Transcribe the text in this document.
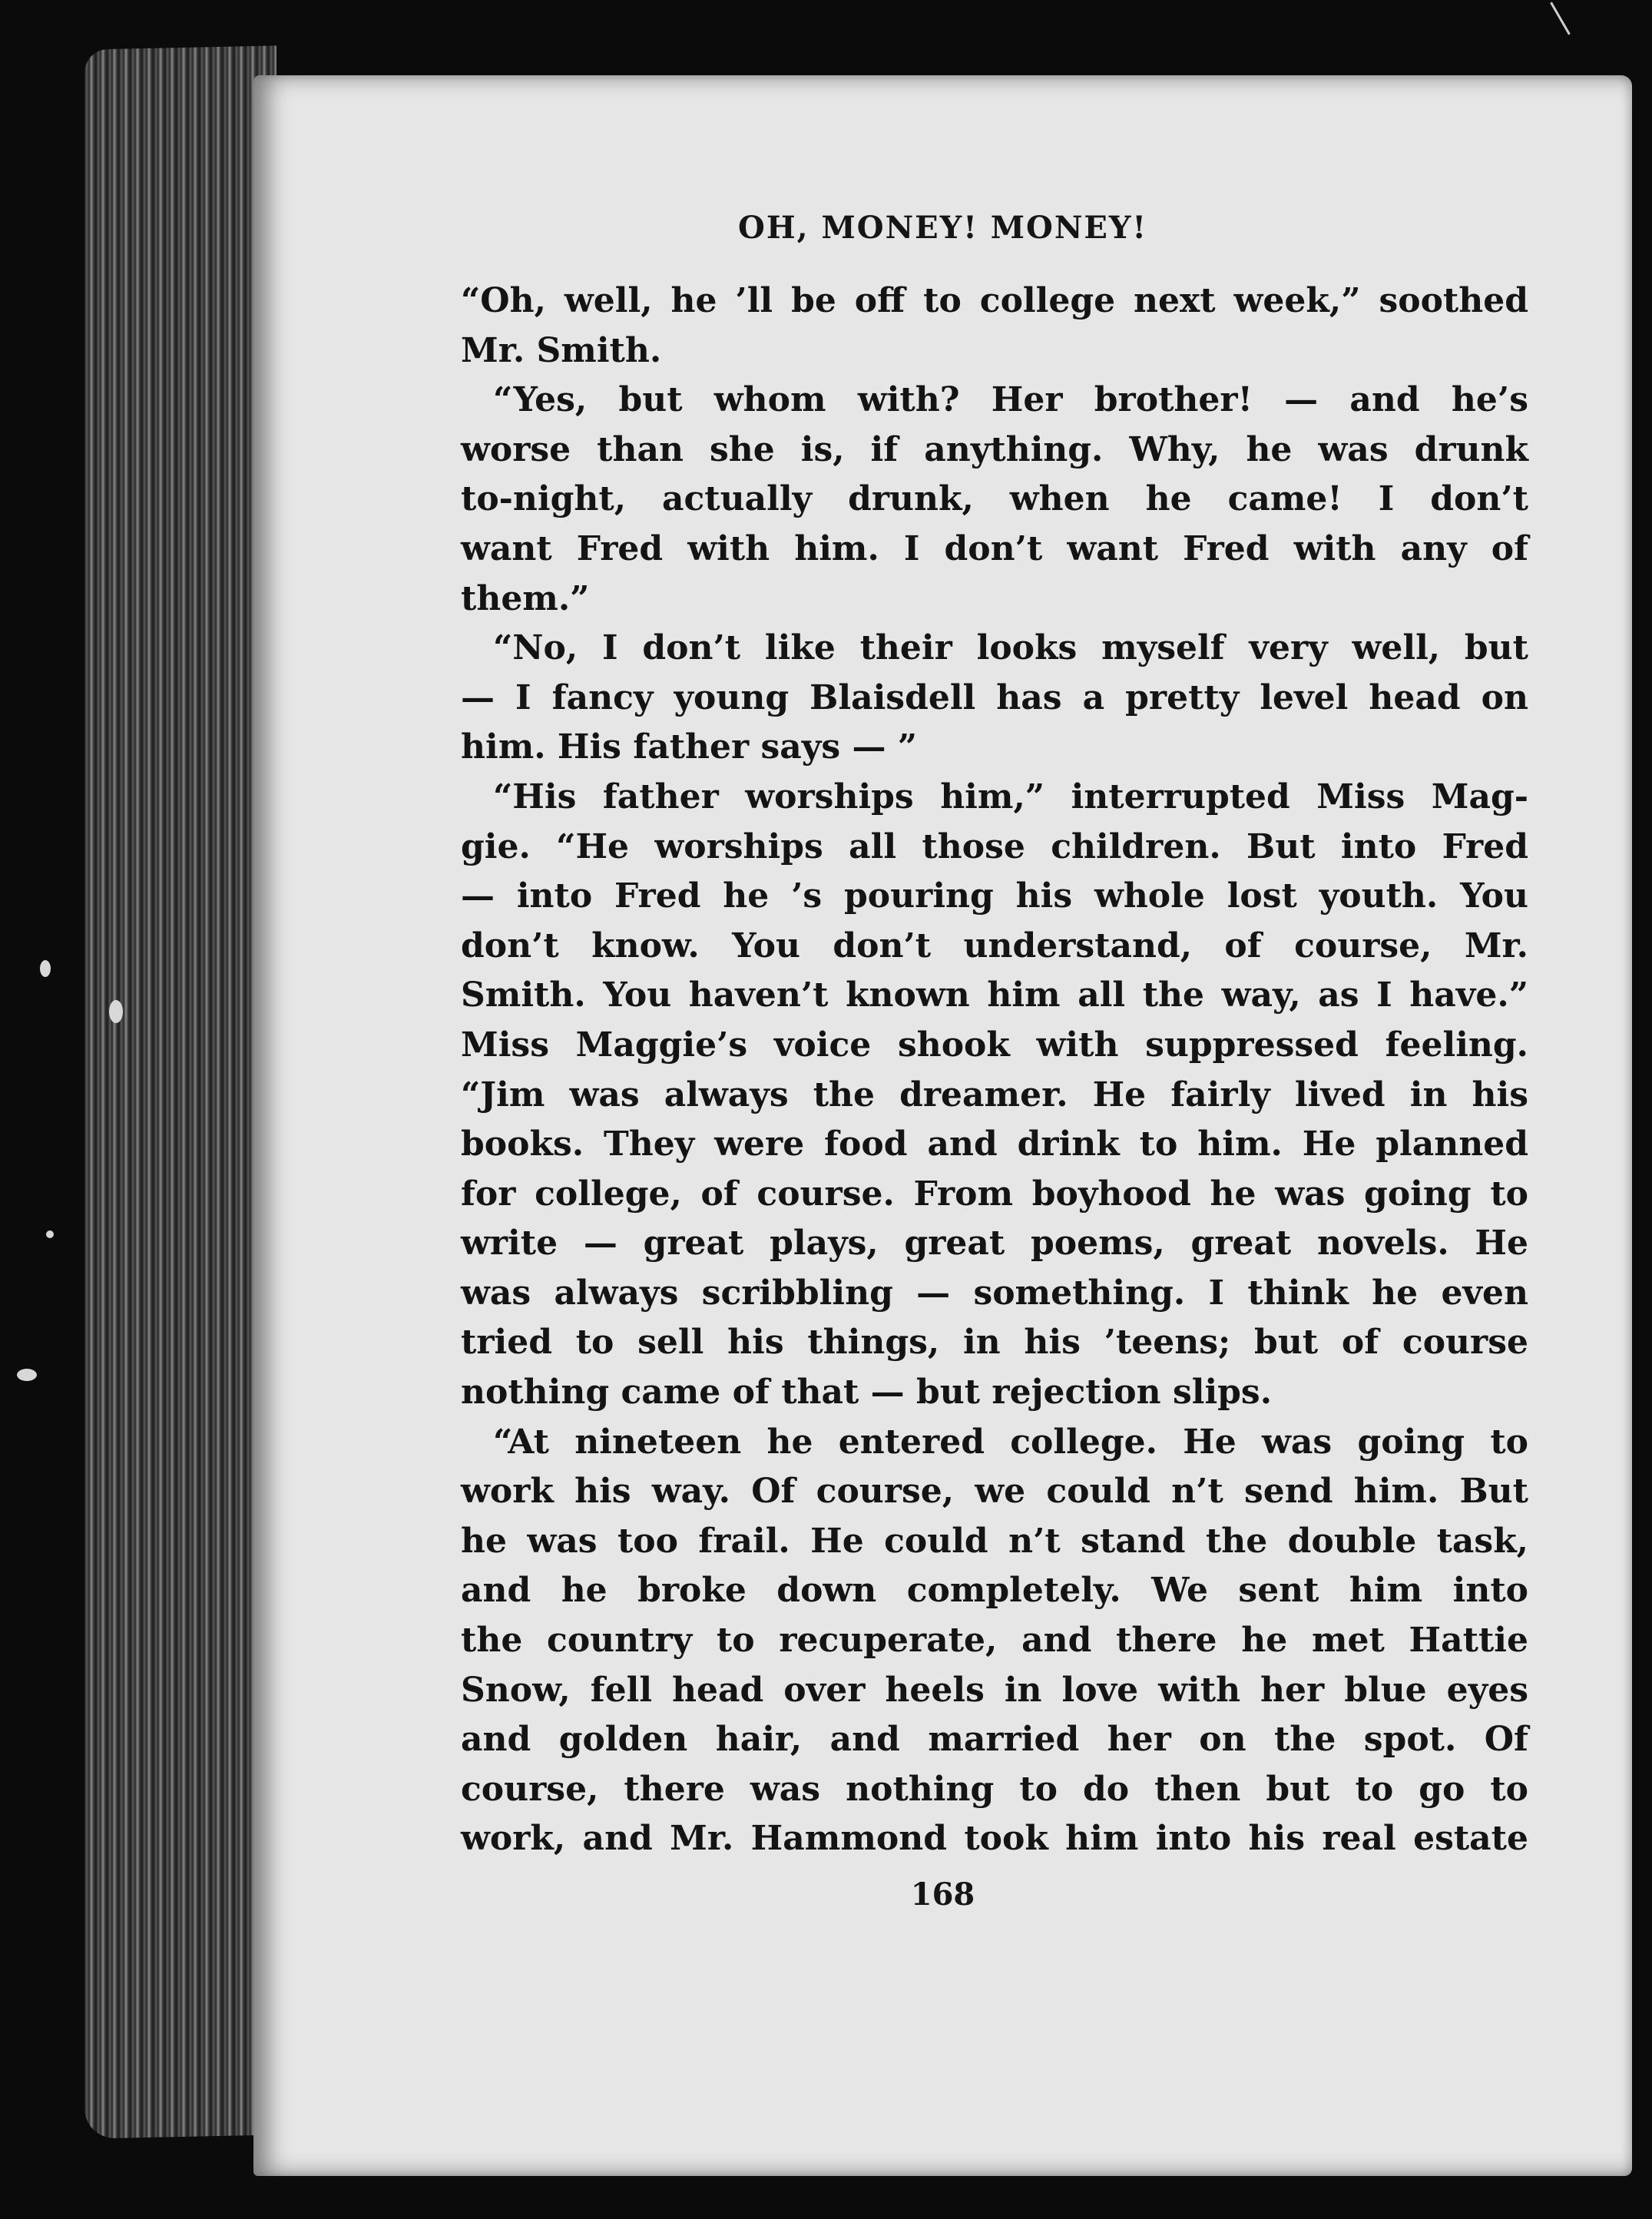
OH, MONEY! MONEY!
“Oh, well, he ’ll be off to college next week,” soothed
Mr. Smith.
“Yes, but whom with? Her brother! — and he’s
worse than she is, if anything. Why, he was drunk
to-night, actually drunk, when he came! I don’t
want Fred with him. I don’t want Fred with any of
them.”
“No, I don’t like their looks myself very well, but
— I fancy young Blaisdell has a pretty level head on
him. His father says — ”
“His father worships him,” interrupted Miss Mag-
gie. “He worships all those children. But into Fred
— into Fred he ’s pouring his whole lost youth. You
don’t know. You don’t understand, of course, Mr.
Smith. You haven’t known him all the way, as I have.”
Miss Maggie’s voice shook with suppressed feeling.
“Jim was always the dreamer. He fairly lived in his
books. They were food and drink to him. He planned
for college, of course. From boyhood he was going to
write — great plays, great poems, great novels. He
was always scribbling — something. I think he even
tried to sell his things, in his ’teens; but of course
nothing came of that — but rejection slips.
“At nineteen he entered college. He was going to
work his way. Of course, we could n’t send him. But
he was too frail. He could n’t stand the double task,
and he broke down completely. We sent him into
the country to recuperate, and there he met Hattie
Snow, fell head over heels in love with her blue eyes
and golden hair, and married her on the spot. Of
course, there was nothing to do then but to go to
work, and Mr. Hammond took him into his real estate
168
